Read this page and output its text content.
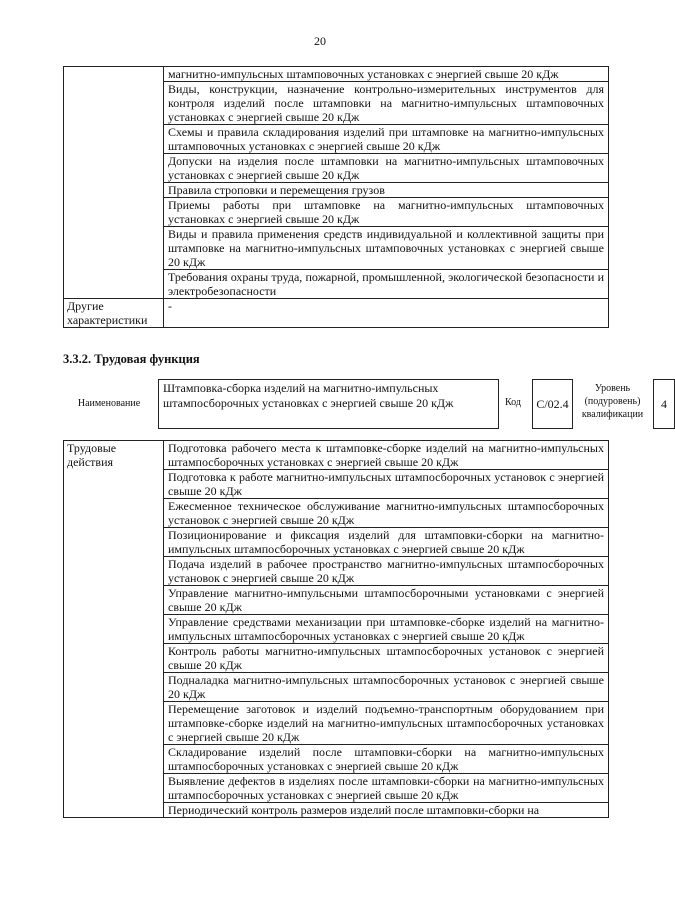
20
	магнитно-импульсных штамповочных установках с энергией свыше 20 кДж
	Виды, конструкции, назначение контрольно-измерительных инструментов для контроля изделий после штамповки на магнитно-импульсных штамповочных установках с энергией свыше 20 кДж
	Схемы и правила складирования изделий при штамповке на магнитно-импульсных штамповочных установках с энергией свыше 20 кДж
	Допуски на изделия после штамповки на магнитно-импульсных штамповочных установках с энергией свыше 20 кДж
	Правила строповки и перемещения грузов
	Приемы работы при штамповке на магнитно-импульсных штамповочных установках с энергией свыше 20 кДж
	Виды и правила применения средств индивидуальной и коллективной защиты при штамповке на магнитно-импульсных штамповочных установках с энергией свыше 20 кДж
	Требования охраны труда, пожарной, промышленной, экологической безопасности и электробезопасности
Другие характеристики	-
3.3.2. Трудовая функция
Наименование
Штамповка-сборка изделий на магнитно-импульсных штампосборочных установках с энергией свыше 20 кДж	Код	C/02.4
Уровень (подуровень) квалификации
4
Трудовые действия	Подготовка рабочего места к штамповке-сборке изделий на магнитно-импульсных штампосборочных установках с энергией свыше 20 кДж
Подготовка к работе магнитно-импульсных штампосборочных установок с энергией свыше 20 кДж
Ежесменное техническое обслуживание магнитно-импульсных штампосборочных установок с энергией свыше 20 кДж
Позиционирование и фиксация изделий для штамповки-сборки на магнитно-импульсных штампосборочных установках с энергией свыше 20 кДж
Подача изделий в рабочее пространство магнитно-импульсных штампосборочных установок с энергией свыше 20 кДж
Управление магнитно-импульсными штампосборочными установками с энергией свыше 20 кДж
Управление средствами механизации при штамповке-сборке изделий на магнитно-импульсных штампосборочных установках с энергией свыше 20 кДж
Контроль работы магнитно-импульсных штампосборочных установок с энергией свыше 20 кДж
Подналадка магнитно-импульсных штампосборочных установок с энергией свыше 20 кДж
Перемещение заготовок и изделий подъемно-транспортным оборудованием при штамповке-сборке изделий на магнитно-импульсных штампосборочных установках с энергией свыше 20 кДж
Складирование изделий после штамповки-сборки на магнитно-импульсных штампосборочных установках с энергией свыше 20 кДж
Выявление дефектов в изделиях после штамповки-сборки на магнитно-импульсных штампосборочных установках с энергией свыше 20 кДж
Периодический контроль размеров изделий после штамповки-сборки на
